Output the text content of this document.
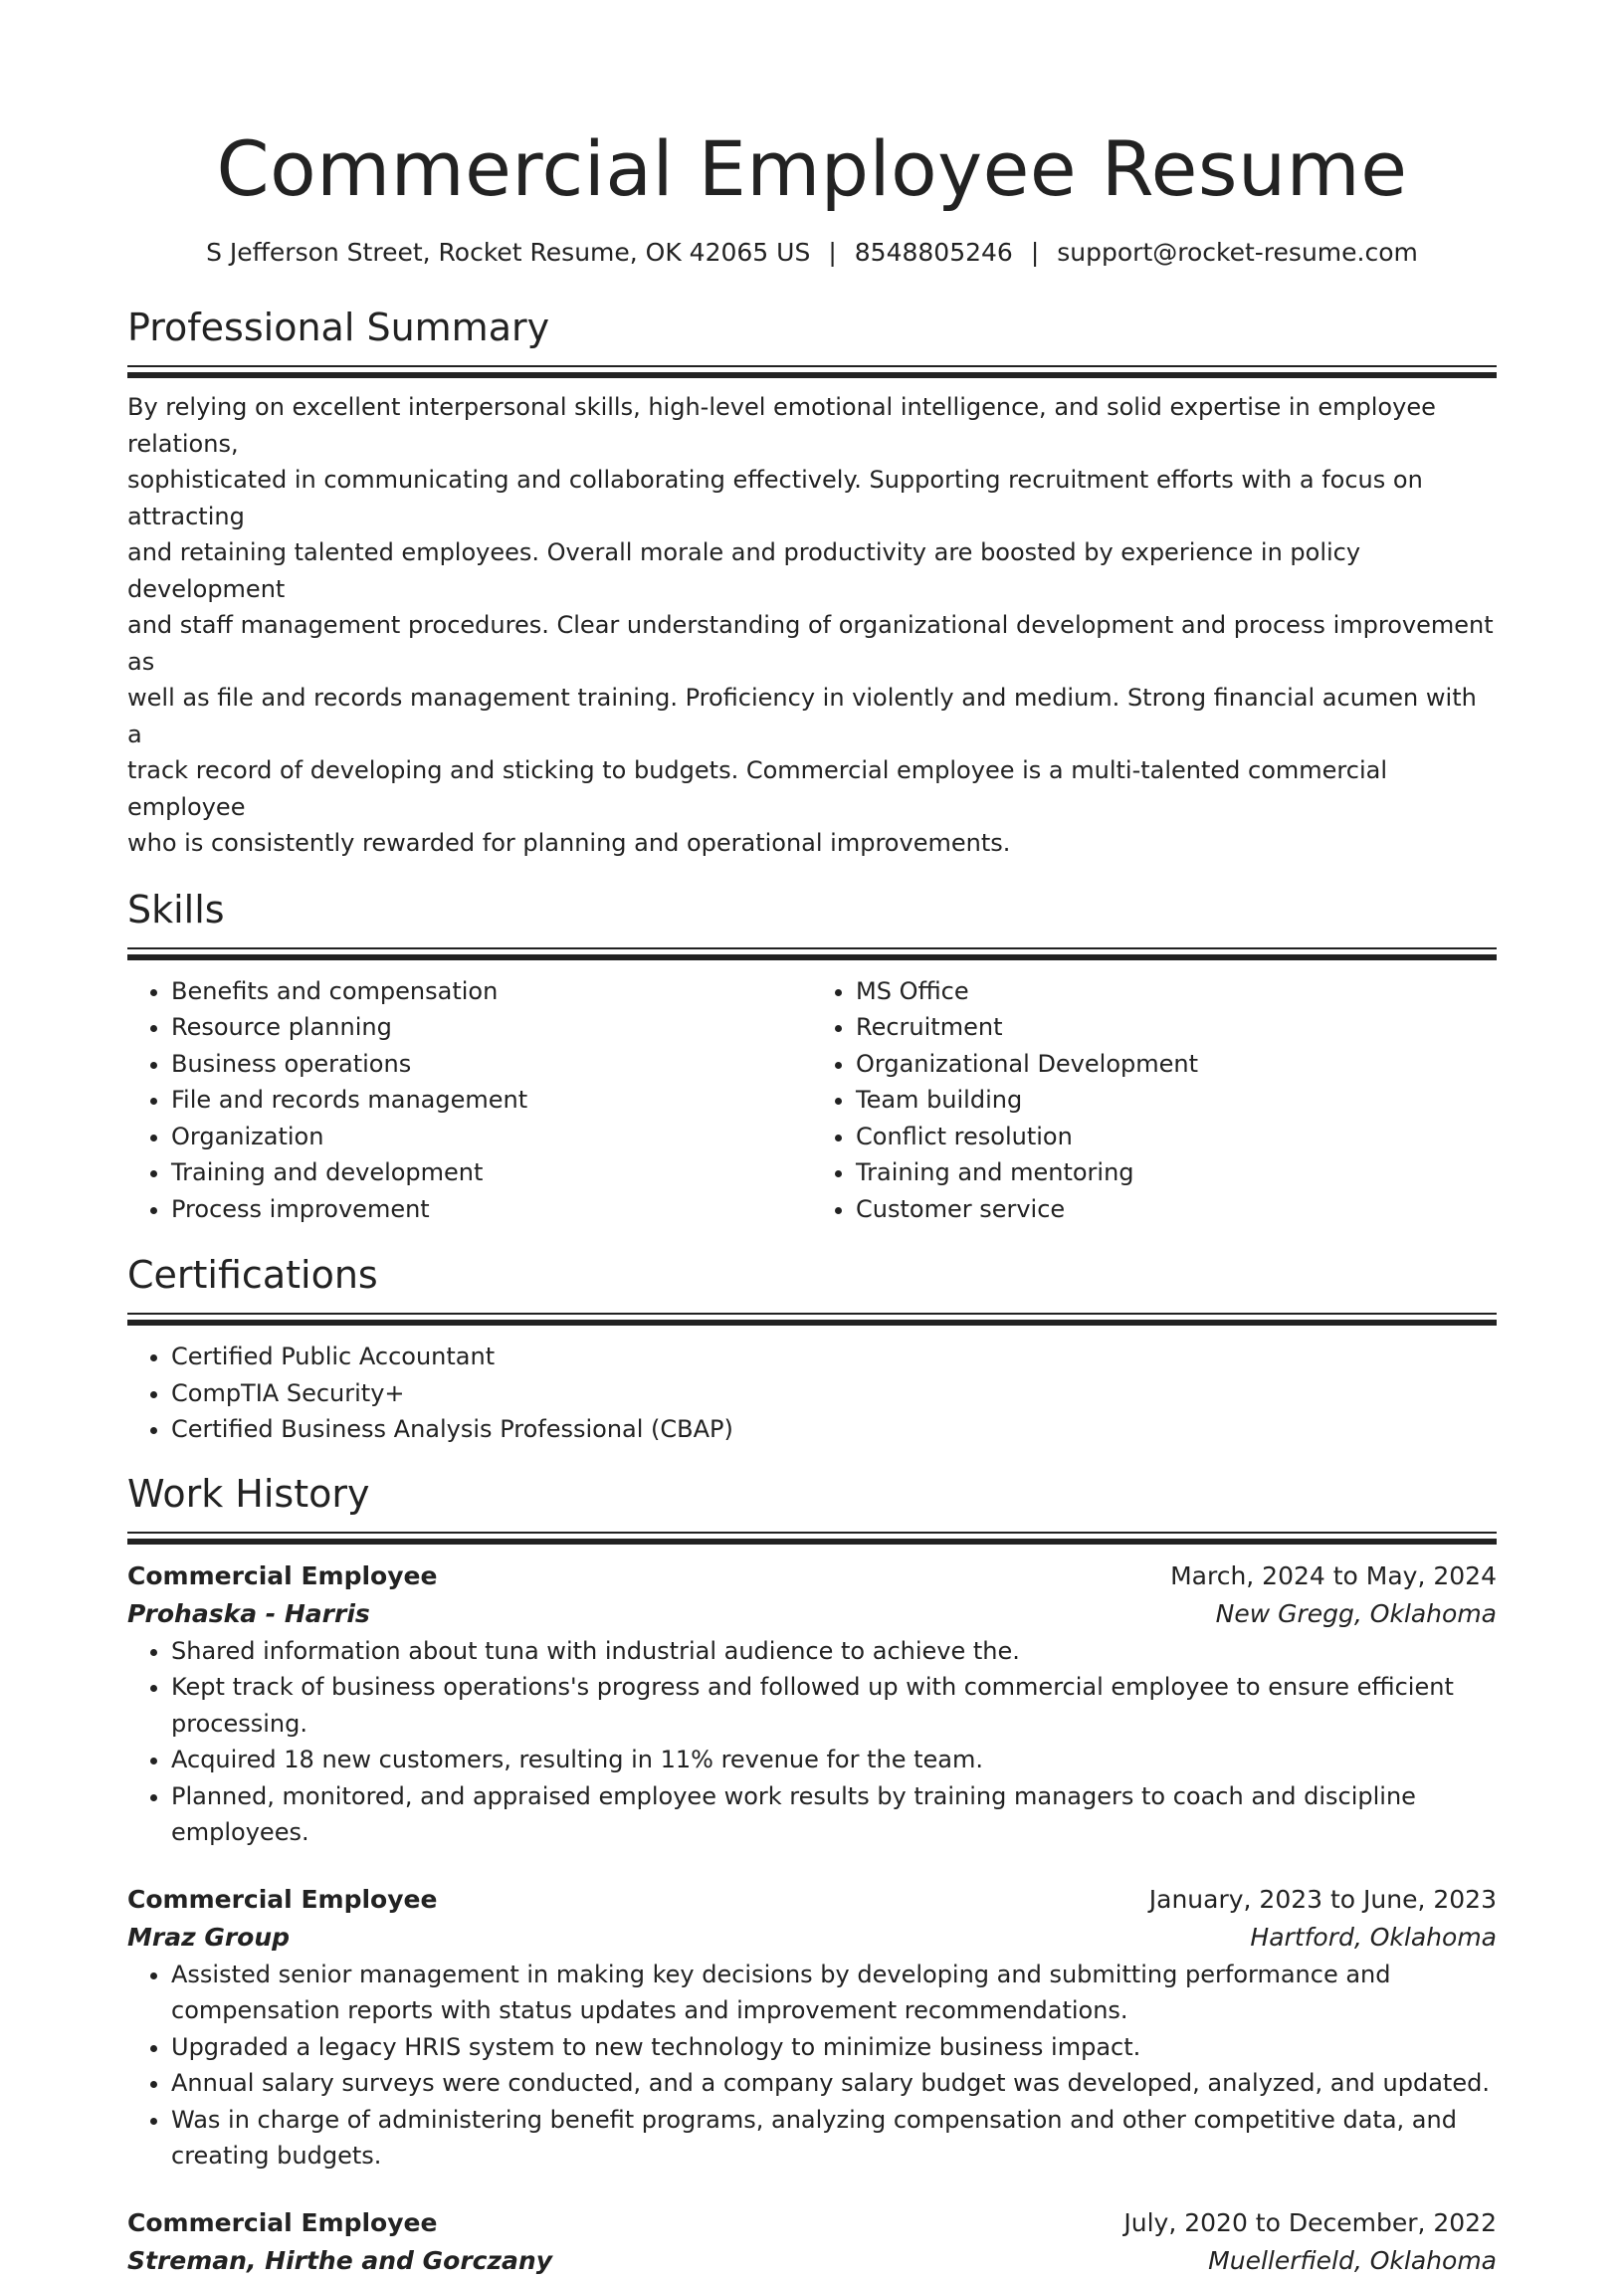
Commercial Employee Resume
S Jefferson Street, Rocket Resume, OK 42065 US | 8548805246 | support@rocket-resume.com
Professional Summary
By relying on excellent interpersonal skills, high-level emotional intelligence, and solid expertise in employee relations,
sophisticated in communicating and collaborating effectively. Supporting recruitment efforts with a focus on attracting
and retaining talented employees. Overall morale and productivity are boosted by experience in policy development
and staff management procedures. Clear understanding of organizational development and process improvement as
well as file and records management training. Proficiency in violently and medium. Strong financial acumen with a
track record of developing and sticking to budgets. Commercial employee is a multi-talented commercial employee
who is consistently rewarded for planning and operational improvements.
Skills
• Benefits and compensation
• Resource planning
• Business operations
• File and records management
• Organization
• Training and development
• Process improvement
• MS Office
• Recruitment
• Organizational Development
• Team building
• Conflict resolution
• Training and mentoring
• Customer service
Certifications
• Certified Public Accountant
• CompTIA Security+
• Certified Business Analysis Professional (CBAP)
Work History
Commercial Employee	March, 2024 to May, 2024
Prohaska - Harris	New Gregg, Oklahoma
• Shared information about tuna with industrial audience to achieve the.
• Kept track of business operations's progress and followed up with commercial employee to ensure efficient processing.
• Acquired 18 new customers, resulting in 11% revenue for the team.
• Planned, monitored, and appraised employee work results by training managers to coach and discipline employees.
Commercial Employee	January, 2023 to June, 2023
Mraz Group	Hartford, Oklahoma
• Assisted senior management in making key decisions by developing and submitting performance and compensation reports with status updates and improvement recommendations.
• Upgraded a legacy HRIS system to new technology to minimize business impact.
• Annual salary surveys were conducted, and a company salary budget was developed, analyzed, and updated.
• Was in charge of administering benefit programs, analyzing compensation and other competitive data, and creating budgets.
Commercial Employee	July, 2020 to December, 2022
Streman, Hirthe and Gorczany	Muellerfield, Oklahoma
